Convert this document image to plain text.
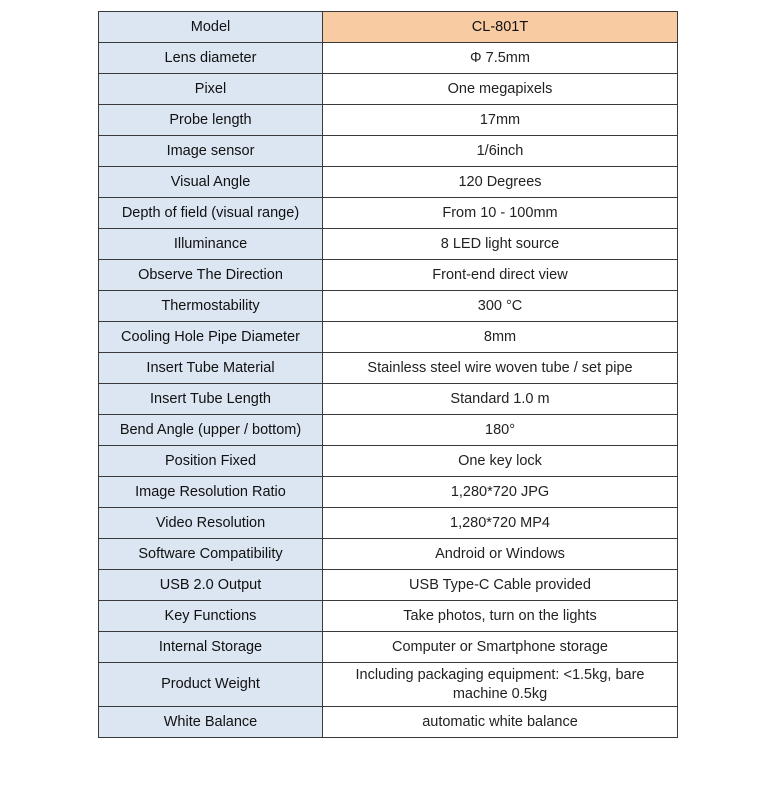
Model	CL-801T
Lens diameter	Φ 7.5mm
Pixel	One megapixels
Probe length	17mm
Image sensor	1/6inch
Visual Angle	120 Degrees
Depth of field (visual range)	From 10 - 100mm
Illuminance	8 LED light source
Observe The Direction	Front-end direct view
Thermostability	300 °C
Cooling Hole Pipe Diameter	8mm
Insert Tube Material	Stainless steel wire woven tube / set pipe
Insert Tube Length	Standard 1.0 m
Bend Angle (upper / bottom)	180°
Position Fixed	One key lock
Image Resolution Ratio	1,280*720 JPG
Video Resolution	1,280*720 MP4
Software Compatibility	Android or Windows
USB 2.0 Output	USB Type-C Cable provided
Key Functions	Take photos, turn on the lights
Internal Storage	Computer or Smartphone storage
Product Weight	Including packaging equipment: <1.5kg, bare machine 0.5kg
White Balance	automatic white balance
